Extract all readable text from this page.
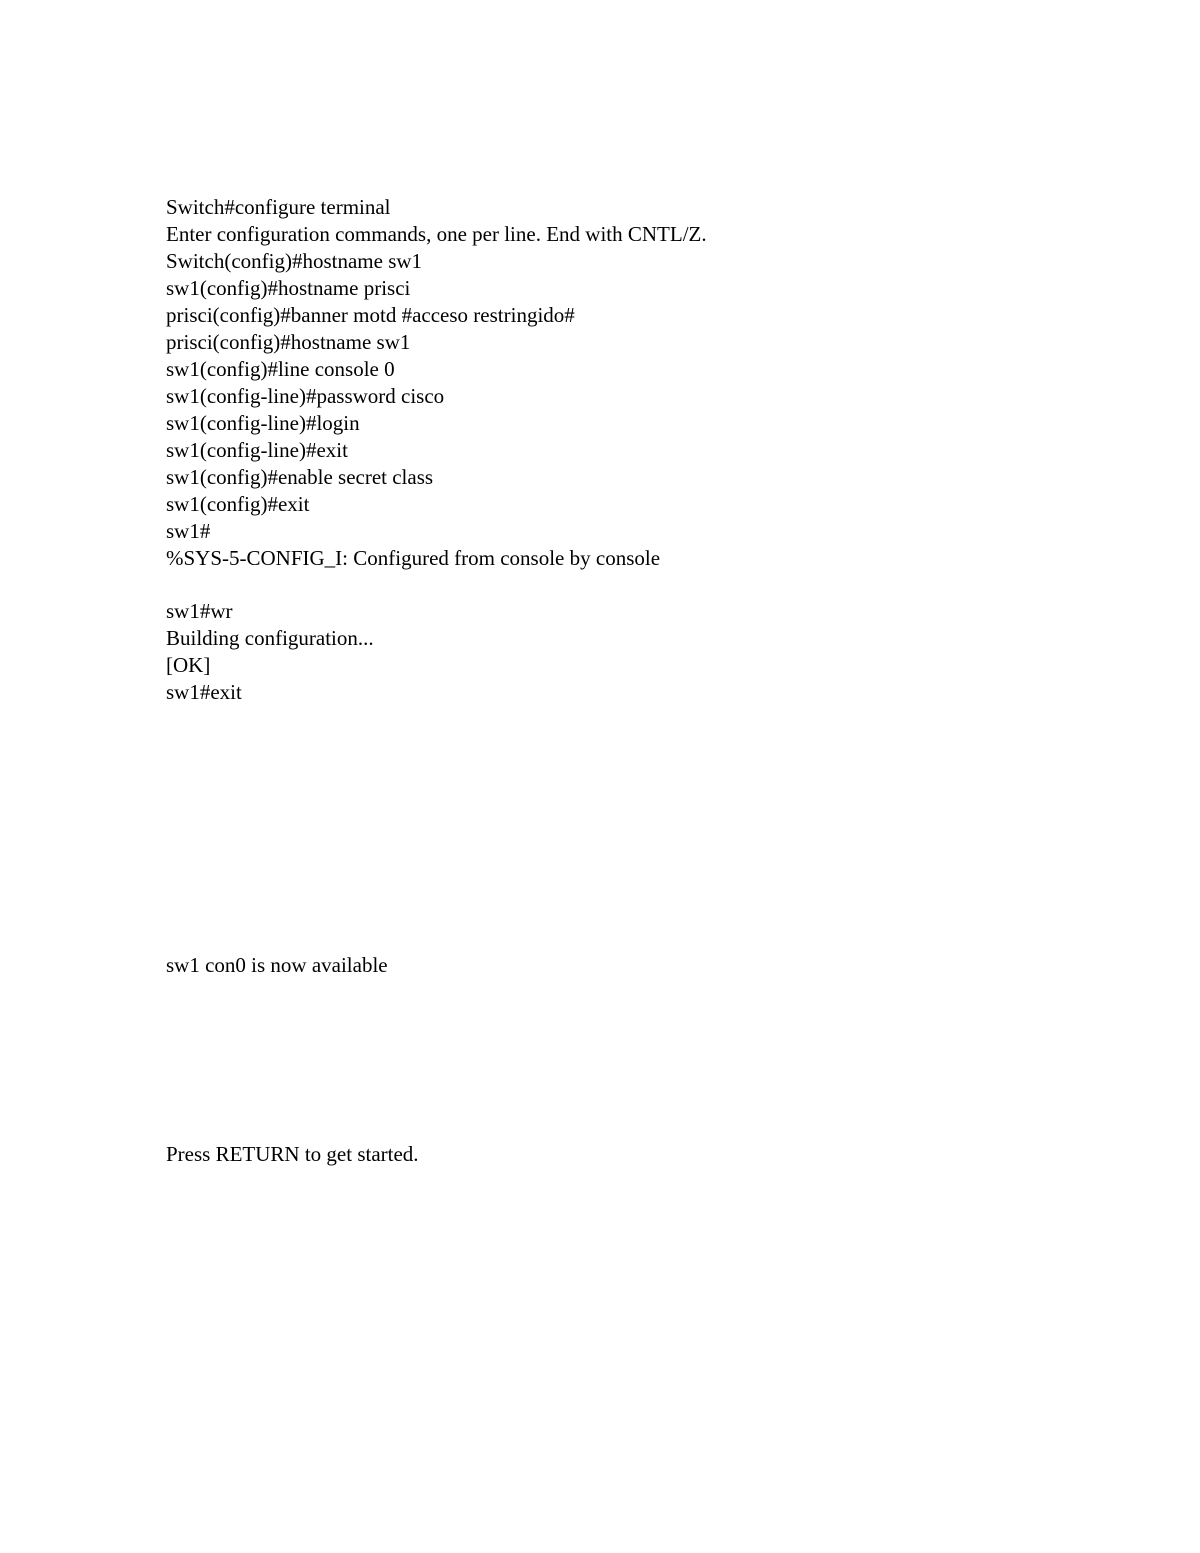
Switch#configure terminal
Enter configuration commands, one per line. End with CNTL/Z.
Switch(config)#hostname sw1
sw1(config)#hostname prisci
prisci(config)#banner motd #acceso restringido#
prisci(config)#hostname sw1
sw1(config)#line console 0
sw1(config-line)#password cisco
sw1(config-line)#login
sw1(config-line)#exit
sw1(config)#enable secret class
sw1(config)#exit
sw1#
%SYS-5-CONFIG_I: Configured from console by console
sw1#wr
Building configuration...
[OK]
sw1#exit
sw1 con0 is now available
Press RETURN to get started.
